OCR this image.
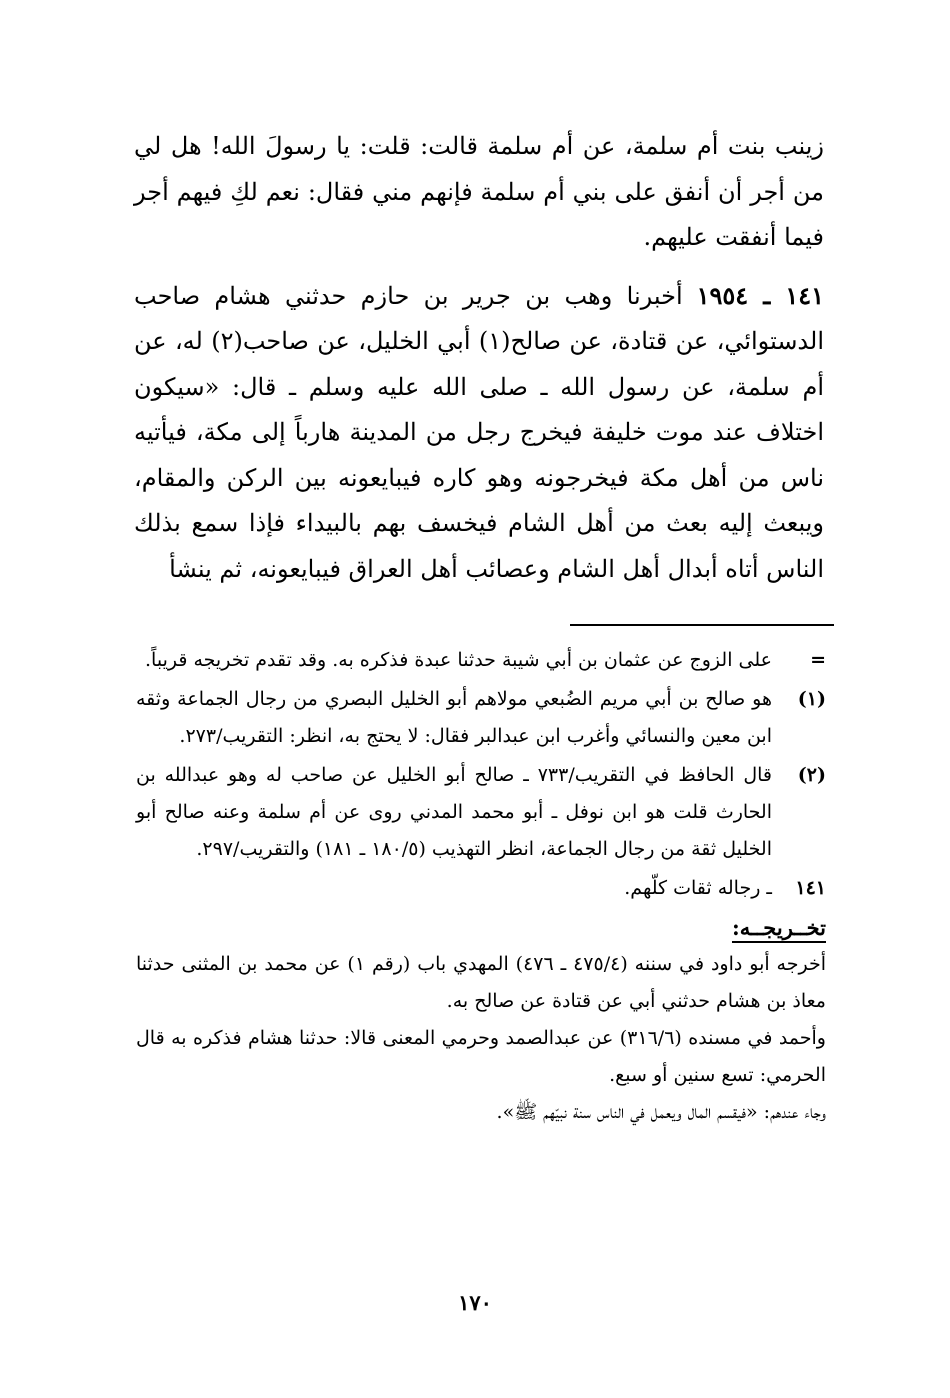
زينب بنت أم سلمة، عن أم سلمة قالت: قلت: يا رسولَ الله! هل لي من أجر أن أنفق على بني أم سلمة فإنهم مني فقال: نعم لكِ فيهم أجر فيما أنفقت عليهم.

١٤١ ـ ١٩٥٤أخبرنا وهب بن جرير بن حازم حدثني هشام صاحب الدستوائي، عن قتادة، عن صالح(١) أبي الخليل، عن صاحب(٢) له، عن أم سلمة، عن رسول الله ـ صلى الله عليه وسلم ـ قال: «سيكون اختلاف عند موت خليفة فيخرج رجل من المدينة هارباً إلى مكة، فيأتيه ناس من أهل مكة فيخرجونه وهو كاره فيبايعونه بين الركن والمقام، ويبعث إليه بعث من أهل الشام فيخسف بهم بالبيداء فإذا سمع بذلك الناس أتاه أبدال أهل الشام وعصائب أهل العراق فيبايعونه، ثم ينشأ

=
على الزوج عن عثمان بن أبي شيبة حدثنا عبدة فذكره به. وقد تقدم تخريجه قريباً.
(١)
هو صالح بن أبي مريم الضُبعي مولاهم أبو الخليل البصري من رجال الجماعة وثقه ابن معين والنسائي وأغرب ابن عبدالبر فقال: لا يحتج به، انظر: التقريب/٢٧٣.
(٢)
قال الحافظ في التقريب/٧٣٣ ـ صالح أبو الخليل عن صاحب له وهو عبدالله بن الحارث قلت هو ابن نوفل ـ أبو محمد المدني روى عن أم سلمة وعنه صالح أبو الخليل ثقة من رجال الجماعة، انظر التهذيب (١٨٠/٥ ـ ١٨١) والتقريب/٢٩٧.
١٤١
ـ رجاله ثقات كلّهم.
تخــريجــه:
أخرجه أبو داود في سننه (٤٧٥/٤ ـ ٤٧٦) المهدي باب (رقم ١) عن محمد بن المثنى حدثنا معاذ بن هشام حدثني أبي عن قتادة عن صالح به.
وأحمد في مسنده (٣١٦/٦) عن عبدالصمد وحرمي المعنى قالا: حدثنا هشام فذكره به قال الحرمي: تسع سنين أو سبع.
وجاء عندهم: «فيقسم المال ويعمل في الناس سنة نبيّهم ﷺ».
١٧٠
